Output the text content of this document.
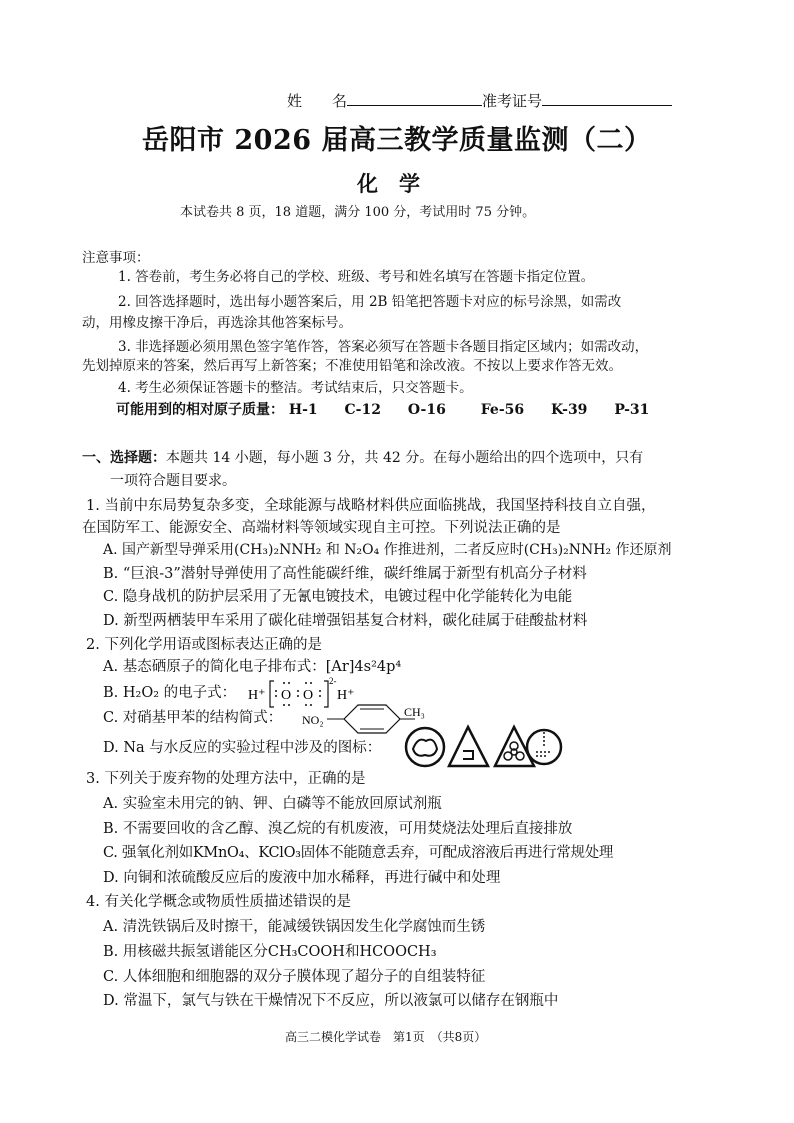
姓　　名	准考证号
岳阳市 2026 届高三教学质量监测（二）
化　学
本试卷共 8 页，18 道题，满分 100 分，考试用时 75 分钟。
注意事项：
1. 答卷前，考生务必将自己的学校、班级、考号和姓名填写在答题卡指定位置。
2. 回答选择题时，选出每小题答案后，用 2B 铅笔把答题卡对应的标号涂黑，如需改
动，用橡皮擦干净后，再选涂其他答案标号。
3. 非选择题必须用黑色签字笔作答，答案必须写在答题卡各题目指定区域内；如需改动，
先划掉原来的答案，然后再写上新答案；不准使用铅笔和涂改液。不按以上要求作答无效。
4. 考生必须保证答题卡的整洁。考试结束后，只交答题卡。
可能用到的相对原子质量： H-1 C-12 O-16 Fe-56 K-39 P-31
一、选择题：本题共 14 小题，每小题 3 分，共 42 分。在每小题给出的四个选项中，只有
一项符合题目要求。
1. 当前中东局势复杂多变，全球能源与战略材料供应面临挑战，我国坚持科技自立自强，
在国防军工、能源安全、高端材料等领域实现自主可控。下列说法正确的是
A. 国产新型导弹采用(CH₃)₂NNH₂ 和 N₂O₄ 作推进剂，二者反应时(CH₃)₂NNH₂ 作还原剂
B. “巨浪-3”潜射导弹使用了高性能碳纤维，碳纤维属于新型有机高分子材料
C. 隐身战机的防护层采用了无氰电镀技术，电镀过程中化学能转化为电能
D. 新型两栖装甲车采用了碳化硅增强铝基复合材料，碳化硅属于硅酸盐材料
2. 下列化学用语或图标表达正确的是
A. 基态硒原子的简化电子排布式：[Ar]4s²4p⁴
B. H₂O₂ 的电子式： H⁺ O O
2-
H⁺
C. 对硝基甲苯的结构简式： NO₂
CH₃
D. Na 与水反应的实验过程中涉及的图标：
3. 下列关于废弃物的处理方法中，正确的是
A. 实验室未用完的钠、钾、白磷等不能放回原试剂瓶
B. 不需要回收的含乙醇、溴乙烷的有机废液，可用焚烧法处理后直接排放
C. 强氧化剂如KMnO₄、KClO₃固体不能随意丢弃，可配成溶液后再进行常规处理
D. 向铜和浓硫酸反应后的废液中加水稀释，再进行碱中和处理
4. 有关化学概念或物质性质描述错误的是
A. 清洗铁锅后及时擦干，能减缓铁锅因发生化学腐蚀而生锈
B. 用核磁共振氢谱能区分CH₃COOH和HCOOCH₃
C. 人体细胞和细胞器的双分子膜体现了超分子的自组装特征
D. 常温下，氯气与铁在干燥情况下不反应，所以液氯可以储存在钢瓶中
高三二模化学试卷　第1页　（共8页）
